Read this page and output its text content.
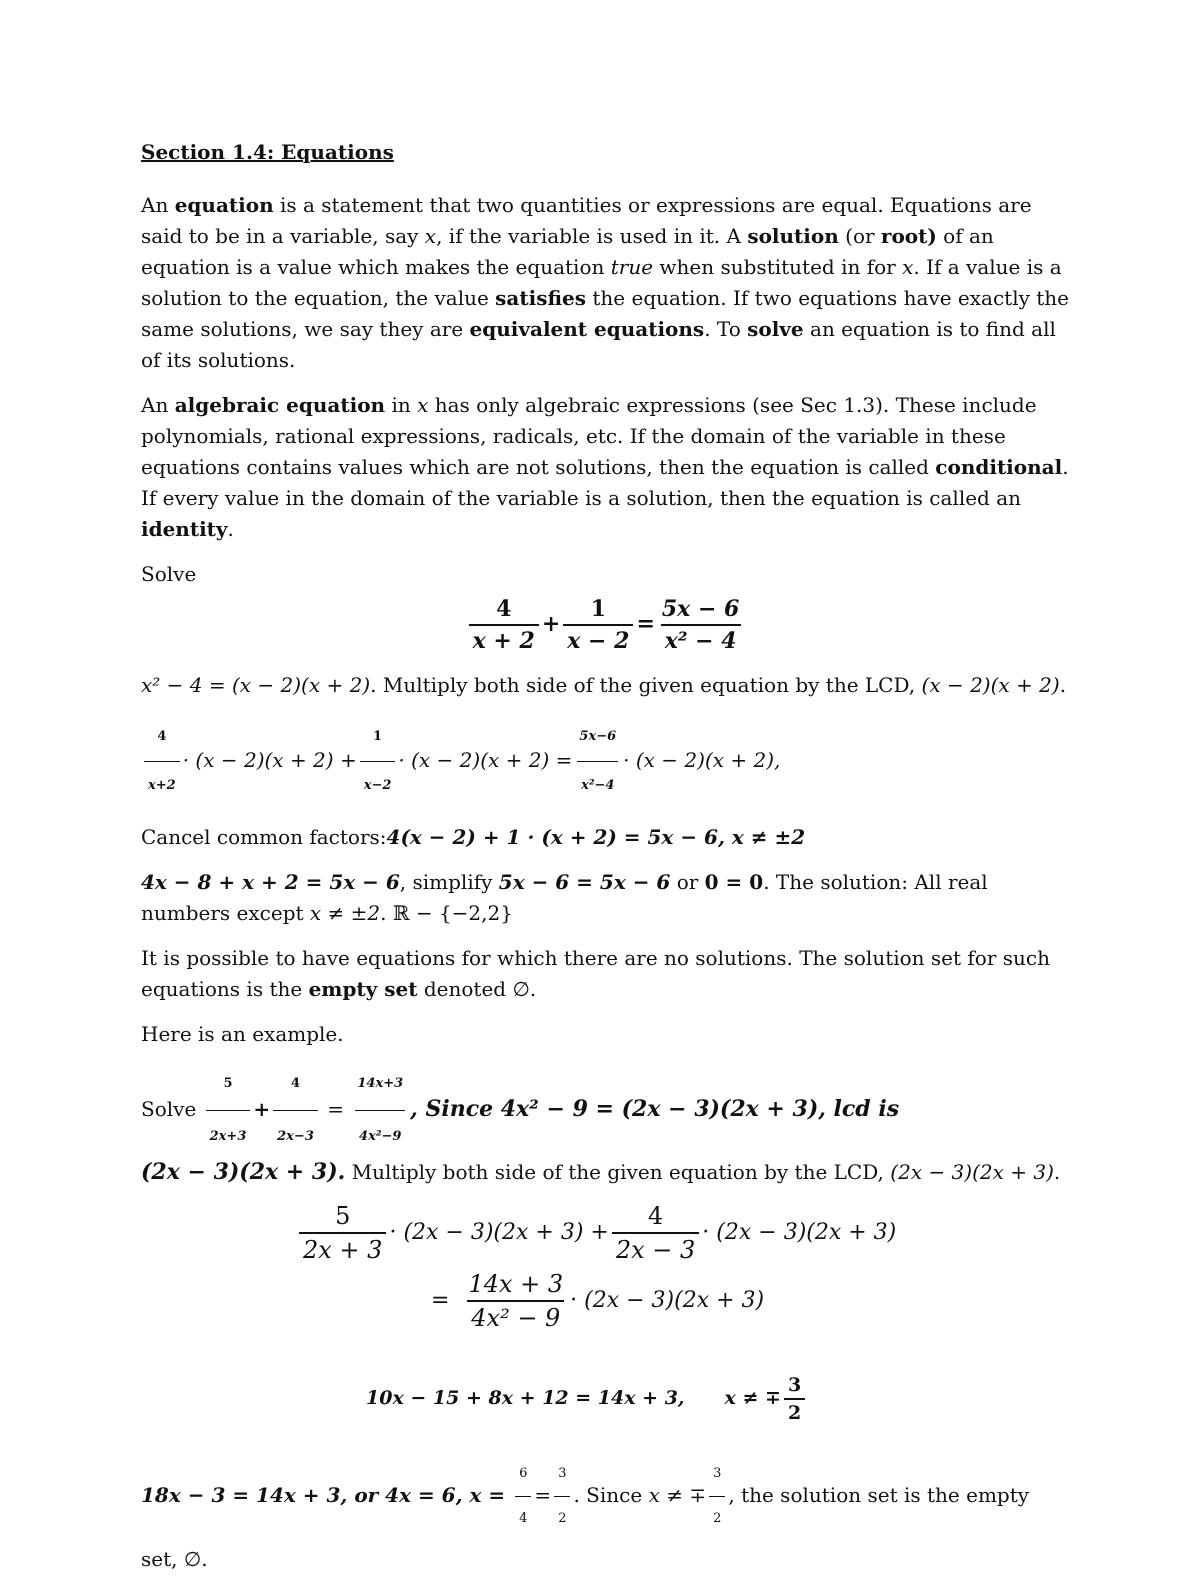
Section 1.4: Equations

An equation is a statement that two quantities or expressions are equal. Equations are said to be in a variable, say x, if the variable is used in it. A solution (or root) of an equation is a value which makes the equation true when substituted in for x. If a value is a solution to the equation, the value satisfies the equation. If two equations have exactly the same solutions, we say they are equivalent equations. To solve an equation is to find all of its solutions.

An algebraic equation in x has only algebraic expressions (see Sec 1.3). These include polynomials, rational expressions, radicals, etc. If the domain of the variable in these equations contains values which are not solutions, then the equation is called conditional. If every value in the domain of the variable is a solution, then the equation is called an identity.

Solve

$\frac{4}{x + 2} + \frac{1}{x - 2} = \frac{5x - 6}{\text{x² − 4}}$

x² − 4 = (x − 2)(x + 2). Multiply both side of the given equation by the LCD, (x − 2)(x + 2).

$\frac{4}{x+2} \cdot (x - 2)(x + 2) + \frac{1}{x-2} \cdot (x - 2)(x + 2) = \frac{5x-6}{\text{x²−4}} \cdot (x - 2)(x + 2)$,

Cancel common factors:4(x − 2) + 1 · (x + 2) = 5x − 6, x ≠ ±2

4x − 8 + x + 2 = 5x − 6, simplify 5x − 6 = 5x − 6 or 0 = 0. The solution: All real numbers except x ≠ ±2. ℝ − {−2,2}

It is possible to have equations for which there are no solutions. The solution set for such equations is the empty set denoted ∅.

Here is an example.

Solve $\frac{5}{2x+3} + \frac{4}{2x-3} = \frac{14x+3}{\text{4x²−9}}$ , Since 4x² − 9 = (2x − 3)(2x + 3), lcd is

(2x − 3)(2x + 3). Multiply both side of the given equation by the LCD, (2x − 3)(2x + 3).

$\frac{5}{2x + 3} \cdot (2x - 3)(2x + 3) + \frac{4}{2x - 3} \cdot (2x - 3)(2x + 3)$
= $\frac{14x + 3}{\text{4x² − 9}} \cdot (2x - 3)(2x + 3)$
10x − 15 + 8x + 12 = 14x + 3, x ≠ ∓ $\frac{3}{2}$

18x − 3 = 14x + 3, or 4x = 6, $x = \frac{6}{4} = \frac{3}{2}$ . Since x ≠ ∓ $\frac{3}{2}$ , the solution set is the empty set, ∅.
